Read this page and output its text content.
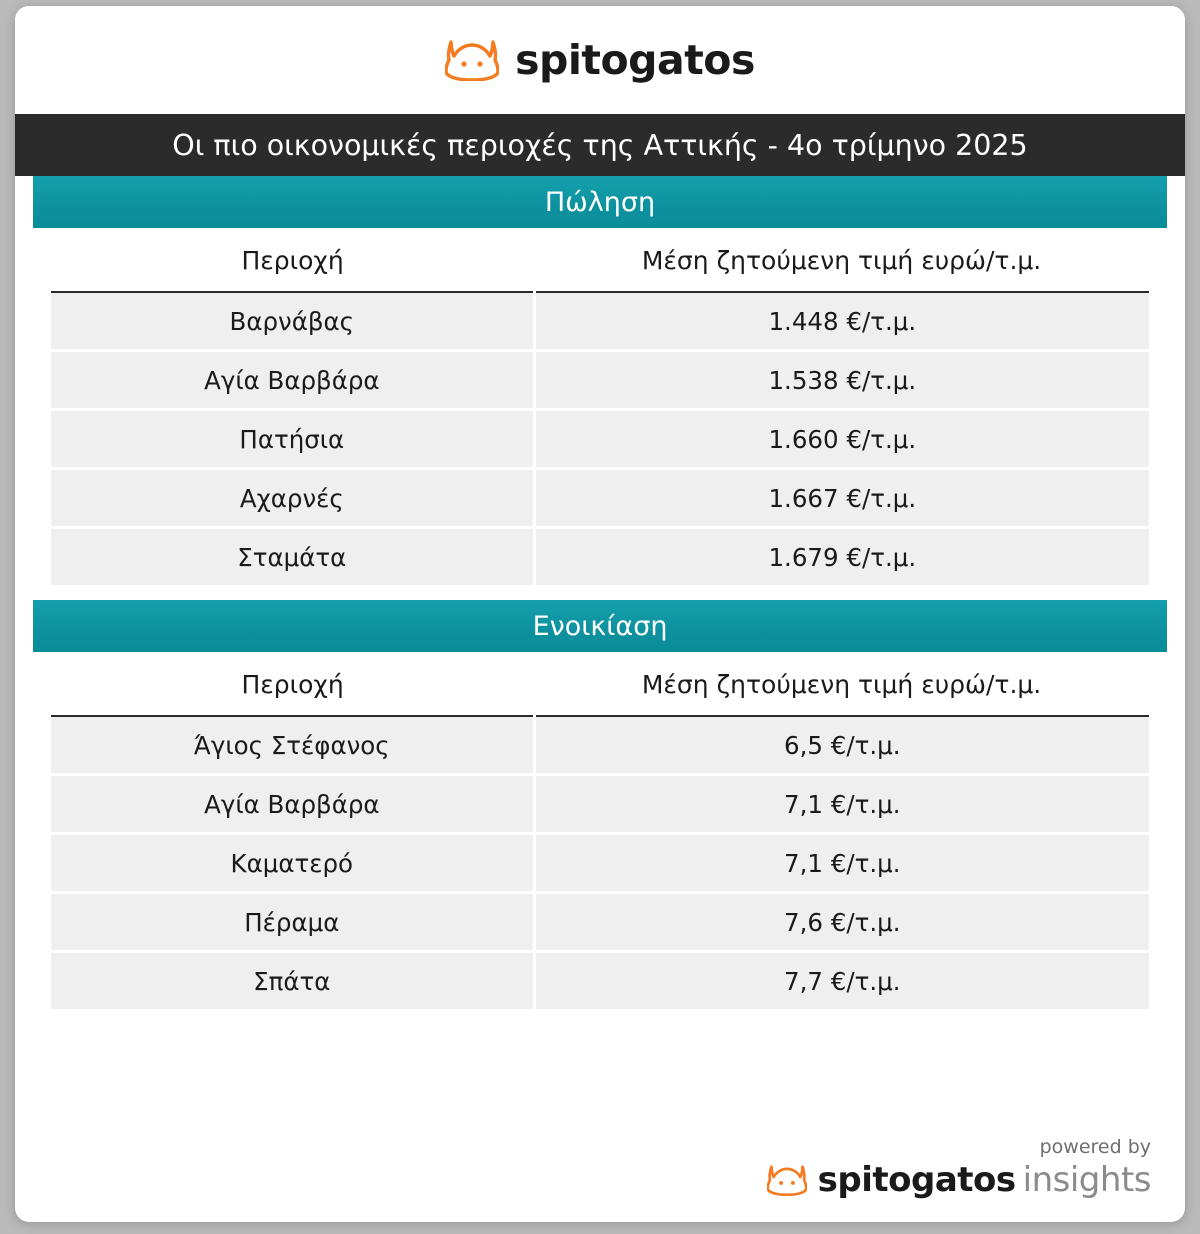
spitogatos
Οι πιο οικονομικές περιοχές της Αττικής - 4ο τρίμηνο 2025
Πώληση
Περιοχή	Μέση ζητούμενη τιμή ευρώ/τ.μ.
Βαρνάβας	1.448 €/τ.μ.
Αγία Βαρβάρα	1.538 €/τ.μ.
Πατήσια	1.660 €/τ.μ.
Αχαρνές	1.667 €/τ.μ.
Σταμάτα	1.679 €/τ.μ.
Ενοικίαση
Περιοχή	Μέση ζητούμενη τιμή ευρώ/τ.μ.
Άγιος Στέφανος	6,5 €/τ.μ.
Αγία Βαρβάρα	7,1 €/τ.μ.
Καματερό	7,1 €/τ.μ.
Πέραμα	7,6 €/τ.μ.
Σπάτα	7,7 €/τ.μ.
powered by
spitogatos insights
